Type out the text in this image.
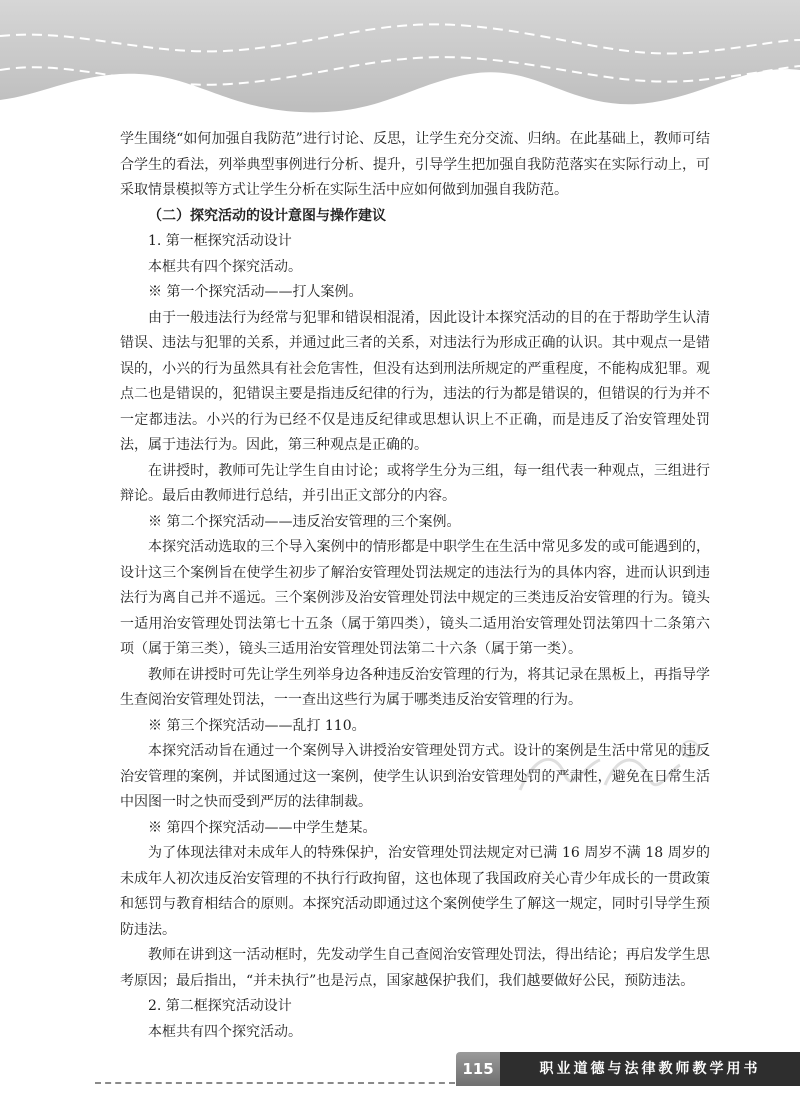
学生围绕“如何加强自我防范”进行讨论、反思，让学生充分交流、归纳。在此基础上，教师可结合学生的看法，列举典型事例进行分析、提升，引导学生把加强自我防范落实在实际行动上，可采取情景模拟等方式让学生分析在实际生活中应如何做到加强自我防范。

（二）探究活动的设计意图与操作建议

1. 第一框探究活动设计

本框共有四个探究活动。

※ 第一个探究活动——打人案例。

由于一般违法行为经常与犯罪和错误相混淆，因此设计本探究活动的目的在于帮助学生认清错误、违法与犯罪的关系，并通过此三者的关系，对违法行为形成正确的认识。其中观点一是错误的，小兴的行为虽然具有社会危害性，但没有达到刑法所规定的严重程度，不能构成犯罪。观点二也是错误的，犯错误主要是指违反纪律的行为，违法的行为都是错误的，但错误的行为并不一定都违法。小兴的行为已经不仅是违反纪律或思想认识上不正确，而是违反了治安管理处罚法，属于违法行为。因此，第三种观点是正确的。

在讲授时，教师可先让学生自由讨论；或将学生分为三组，每一组代表一种观点，三组进行辩论。最后由教师进行总结，并引出正文部分的内容。

※ 第二个探究活动——违反治安管理的三个案例。

本探究活动选取的三个导入案例中的情形都是中职学生在生活中常见多发的或可能遇到的，设计这三个案例旨在使学生初步了解治安管理处罚法规定的违法行为的具体内容，进而认识到违法行为离自己并不遥远。三个案例涉及治安管理处罚法中规定的三类违反治安管理的行为。镜头一适用治安管理处罚法第七十五条（属于第四类），镜头二适用治安管理处罚法第四十二条第六项（属于第三类），镜头三适用治安管理处罚法第二十六条（属于第一类）。

教师在讲授时可先让学生列举身边各种违反治安管理的行为，将其记录在黑板上，再指导学生查阅治安管理处罚法，一一查出这些行为属于哪类违反治安管理的行为。

※ 第三个探究活动——乱打 110。

本探究活动旨在通过一个案例导入讲授治安管理处罚方式。设计的案例是生活中常见的违反治安管理的案例，并试图通过这一案例，使学生认识到治安管理处罚的严肃性，避免在日常生活中因图一时之快而受到严厉的法律制裁。

※ 第四个探究活动——中学生楚某。

为了体现法律对未成年人的特殊保护，治安管理处罚法规定对已满 16 周岁不满 18 周岁的未成年人初次违反治安管理的不执行行政拘留，这也体现了我国政府关心青少年成长的一贯政策和惩罚与教育相结合的原则。本探究活动即通过这个案例使学生了解这一规定，同时引导学生预防违法。

教师在讲到这一活动框时，先发动学生自己查阅治安管理处罚法，得出结论；再启发学生思考原因；最后指出，“并未执行”也是污点，国家越保护我们，我们越要做好公民，预防违法。

2. 第二框探究活动设计

本框共有四个探究活动。

115	职业道德与法律教师教学用书
